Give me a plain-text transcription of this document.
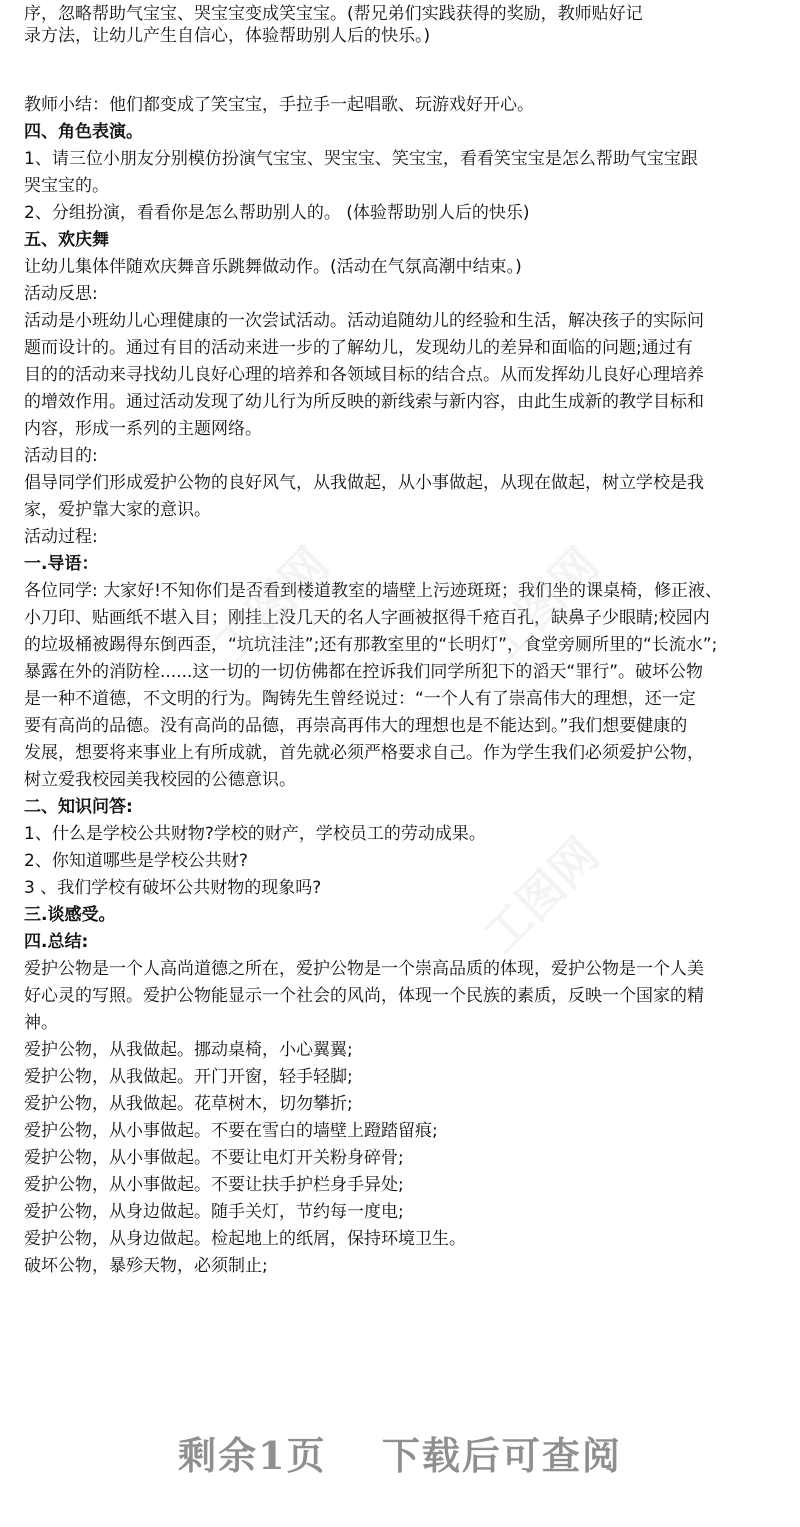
序，忽略帮助气宝宝、哭宝宝变成笑宝宝。(帮兄弟们实践获得的奖励，教师贴好记
录方法，让幼儿产生自信心，体验帮助别人后的快乐。)
教师小结：他们都变成了笑宝宝，手拉手一起唱歌、玩游戏好开心。
四、角色表演。
1、请三位小朋友分别模仿扮演气宝宝、哭宝宝、笑宝宝，看看笑宝宝是怎么帮助气宝宝跟
哭宝宝的。
2、分组扮演，看看你是怎么帮助别人的。 (体验帮助别人后的快乐)
五、欢庆舞
让幼儿集体伴随欢庆舞音乐跳舞做动作。(活动在气氛高潮中结束。)
活动反思:
活动是小班幼儿心理健康的一次尝试活动。活动追随幼儿的经验和生活，解决孩子的实际问
题而设计的。通过有目的活动来进一步的了解幼儿，发现幼儿的差异和面临的问题;通过有
目的的活动来寻找幼儿良好心理的培养和各领域目标的结合点。从而发挥幼儿良好心理培养
的增效作用。通过活动发现了幼儿行为所反映的新线索与新内容，由此生成新的教学目标和
内容，形成一系列的主题网络。
活动目的:
倡导同学们形成爱护公物的良好风气，从我做起，从小事做起，从现在做起，树立学校是我
家，爱护靠大家的意识。
活动过程:
一.导语：
各位同学: 大家好!不知你们是否看到楼道教室的墙壁上污迹斑斑；我们坐的课桌椅，修正液、
小刀印、贴画纸不堪入目；刚挂上没几天的名人字画被抠得千疮百孔，缺鼻子少眼睛;校园内
的垃圾桶被踢得东倒西歪，“坑坑洼洼”;还有那教室里的“长明灯”，食堂旁厕所里的“长流水”;
暴露在外的消防栓......这一切的一切仿佛都在控诉我们同学所犯下的滔天“罪行”。破坏公物
是一种不道德，不文明的行为。陶铸先生曾经说过：“一个人有了崇高伟大的理想，还一定
要有高尚的品德。没有高尚的品德，再崇高再伟大的理想也是不能达到。”我们想要健康的
发展，想要将来事业上有所成就，首先就必须严格要求自己。作为学生我们必须爱护公物，
树立爱我校园美我校园的公德意识。
二、知识问答:
1、什么是学校公共财物?学校的财产，学校员工的劳动成果。
2、你知道哪些是学校公共财?
3 、我们学校有破坏公共财物的现象吗?
三.谈感受。
四.总结:
爱护公物是一个人高尚道德之所在，爱护公物是一个崇高品质的体现，爱护公物是一个人美
好心灵的写照。爱护公物能显示一个社会的风尚，体现一个民族的素质，反映一个国家的精
神。
爱护公物，从我做起。挪动桌椅，小心翼翼;
爱护公物，从我做起。开门开窗，轻手轻脚;
爱护公物，从我做起。花草树木，切勿攀折;
爱护公物，从小事做起。不要在雪白的墙壁上蹬踏留痕;
爱护公物，从小事做起。不要让电灯开关粉身碎骨;
爱护公物，从小事做起。不要让扶手护栏身手异处;
爱护公物，从身边做起。随手关灯，节约每一度电;
爱护公物，从身边做起。检起地上的纸屑，保持环境卫生。
破坏公物，暴殄天物，必须制止;
工图网	工图网
工图网
剩余1页 下载后可查阅
